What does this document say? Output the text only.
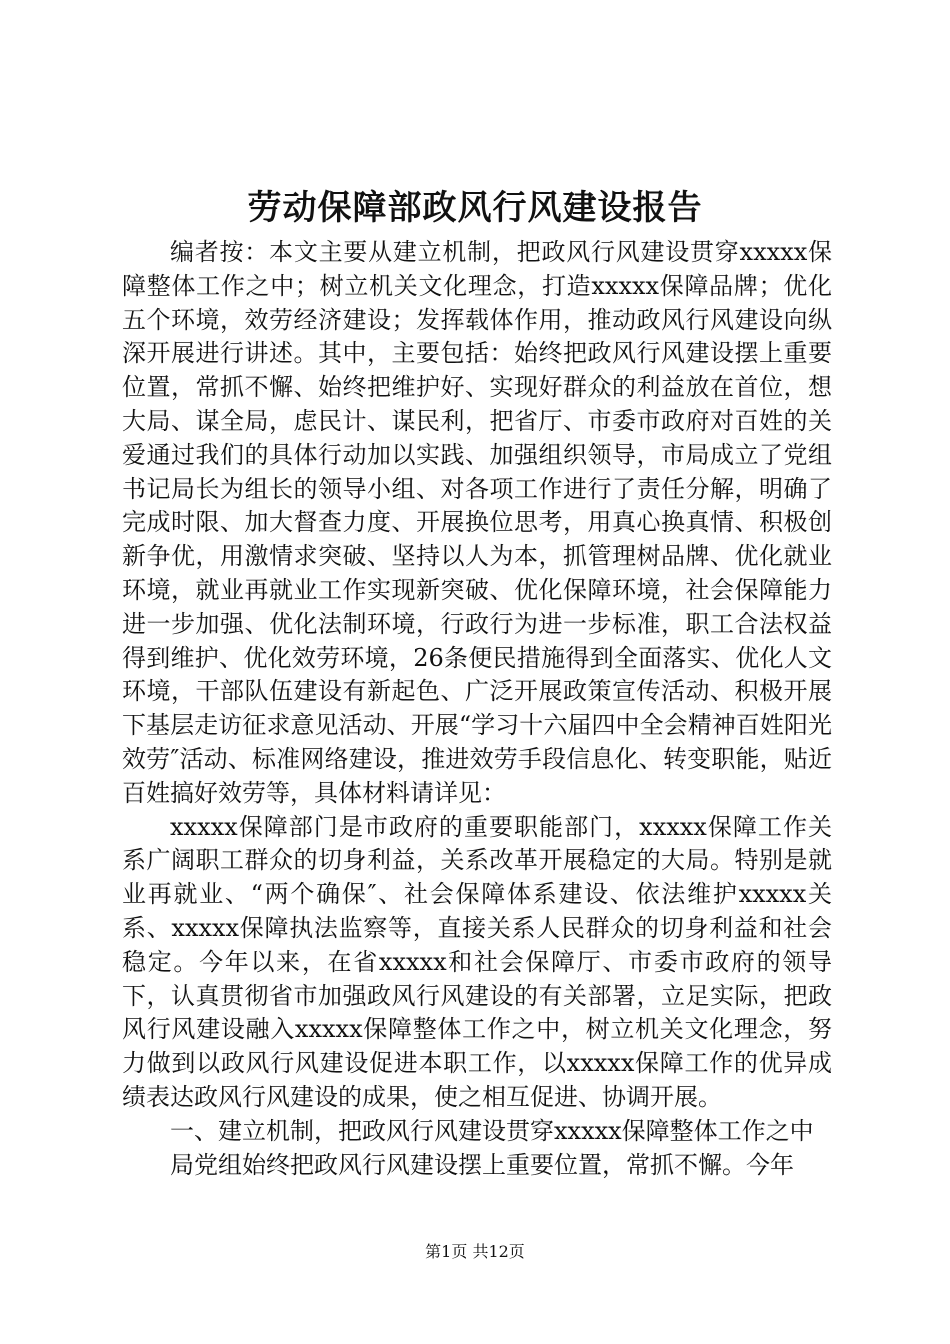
劳动保障部政风行风建设报告

编者按：本文主要从建立机制，把政风行风建设贯穿xxxxx保障整体工作之中；树立机关文化理念，打造xxxxx保障品牌；优化五个环境，效劳经济建设；发挥载体作用，推动政风行风建设向纵深开展进行讲述。其中，主要包括：始终把政风行风建设摆上重要位置，常抓不懈、始终把维护好、实现好群众的利益放在首位，想大局、谋全局，虑民计、谋民利，把省厅、市委市政府对百姓的关爱通过我们的具体行动加以实践、加强组织领导，市局成立了党组书记局长为组长的领导小组、对各项工作进行了责任分解，明确了完成时限、加大督查力度、开展换位思考，用真心换真情、积极创新争优，用激情求突破、坚持以人为本，抓管理树品牌、优化就业环境，就业再就业工作实现新突破、优化保障环境，社会保障能力进一步加强、优化法制环境，行政行为进一步标准，职工合法权益得到维护、优化效劳环境，26条便民措施得到全面落实、优化人文环境，干部队伍建设有新起色、广泛开展政策宣传活动、积极开展下基层走访征求意见活动、开展“学习十六届四中全会精神百姓阳光效劳″活动、标准网络建设，推进效劳手段信息化、转变职能，贴近百姓搞好效劳等，具体材料请详见：

xxxxx保障部门是市政府的重要职能部门，xxxxx保障工作关系广阔职工群众的切身利益，关系改革开展稳定的大局。特别是就业再就业、“两个确保″、社会保障体系建设、依法维护xxxxx关系、xxxxx保障执法监察等，直接关系人民群众的切身利益和社会稳定。今年以来，在省xxxxx和社会保障厅、市委市政府的领导下，认真贯彻省市加强政风行风建设的有关部署，立足实际，把政风行风建设融入xxxxx保障整体工作之中，树立机关文化理念，努力做到以政风行风建设促进本职工作，以xxxxx保障工作的优异成绩表达政风行风建设的成果，使之相互促进、协调开展。

一、建立机制，把政风行风建设贯穿xxxxx保障整体工作之中

局党组始终把政风行风建设摆上重要位置，常抓不懈。今年

第1页 共12页
